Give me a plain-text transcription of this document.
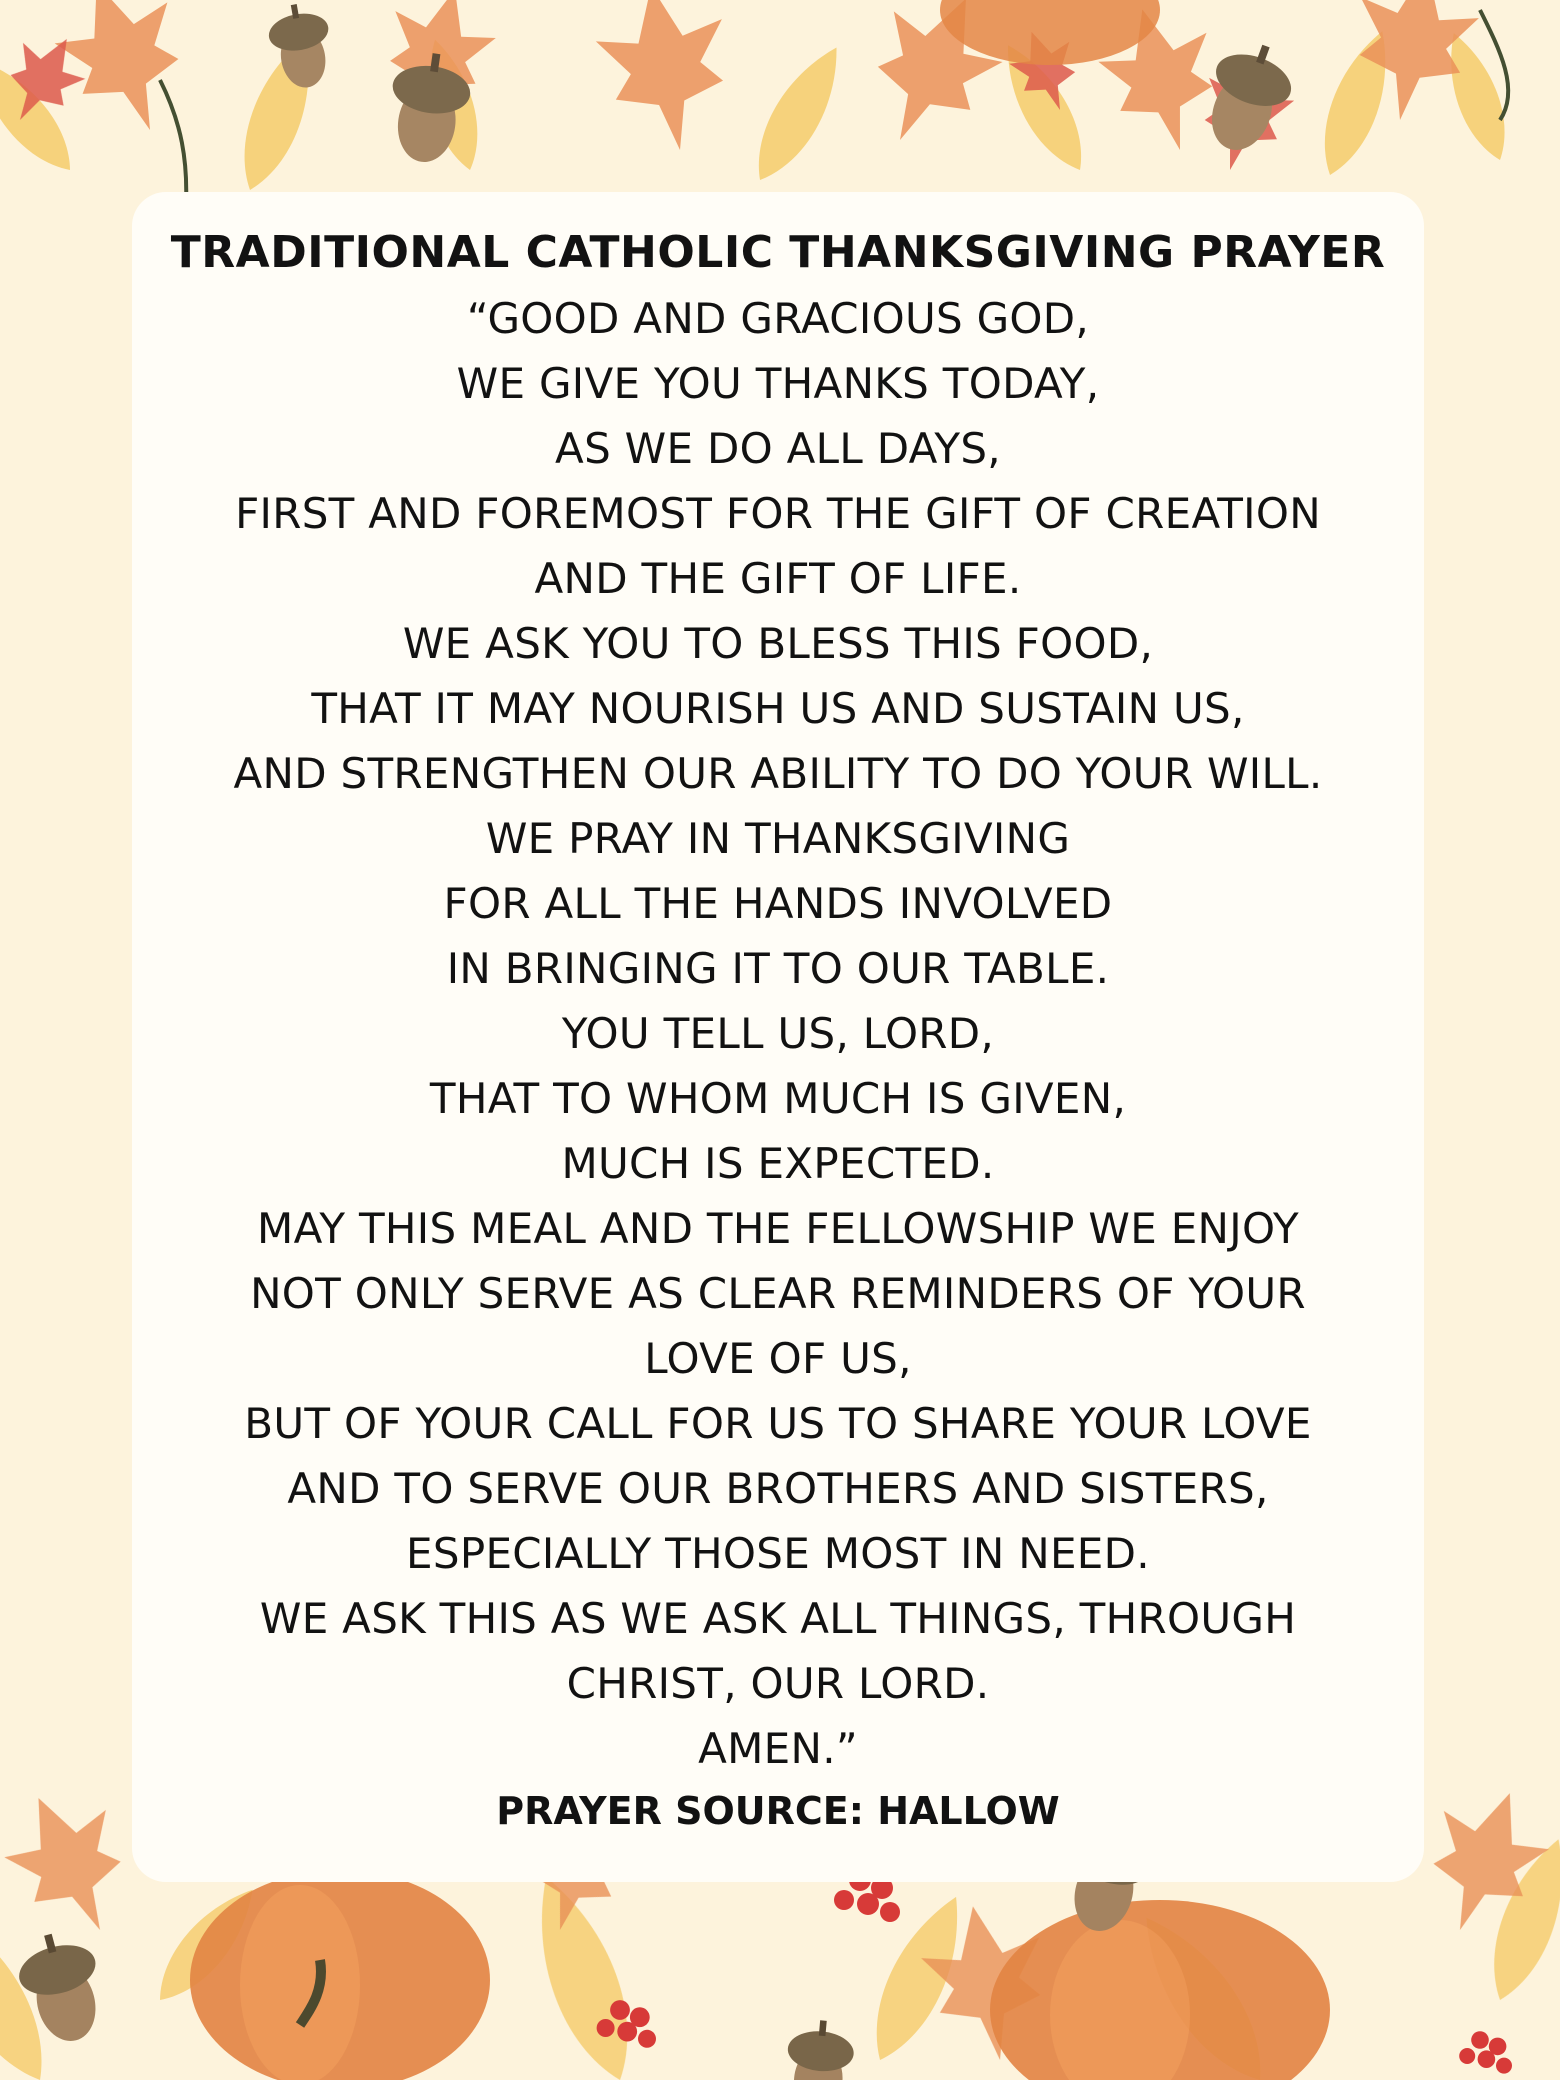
TRADITIONAL CATHOLIC THANKSGIVING PRAYER
“GOOD AND GRACIOUS GOD,
WE GIVE YOU THANKS TODAY,
AS WE DO ALL DAYS,
FIRST AND FOREMOST FOR THE GIFT OF CREATION
AND THE GIFT OF LIFE.
WE ASK YOU TO BLESS THIS FOOD,
THAT IT MAY NOURISH US AND SUSTAIN US,
AND STRENGTHEN OUR ABILITY TO DO YOUR WILL.
WE PRAY IN THANKSGIVING
FOR ALL THE HANDS INVOLVED
IN BRINGING IT TO OUR TABLE.
YOU TELL US, LORD,
THAT TO WHOM MUCH IS GIVEN,
MUCH IS EXPECTED.
MAY THIS MEAL AND THE FELLOWSHIP WE ENJOY
NOT ONLY SERVE AS CLEAR REMINDERS OF YOUR
LOVE OF US,
BUT OF YOUR CALL FOR US TO SHARE YOUR LOVE
AND TO SERVE OUR BROTHERS AND SISTERS,
ESPECIALLY THOSE MOST IN NEED.
WE ASK THIS AS WE ASK ALL THINGS, THROUGH
CHRIST, OUR LORD.
AMEN.”

PRAYER SOURCE: HALLOW
